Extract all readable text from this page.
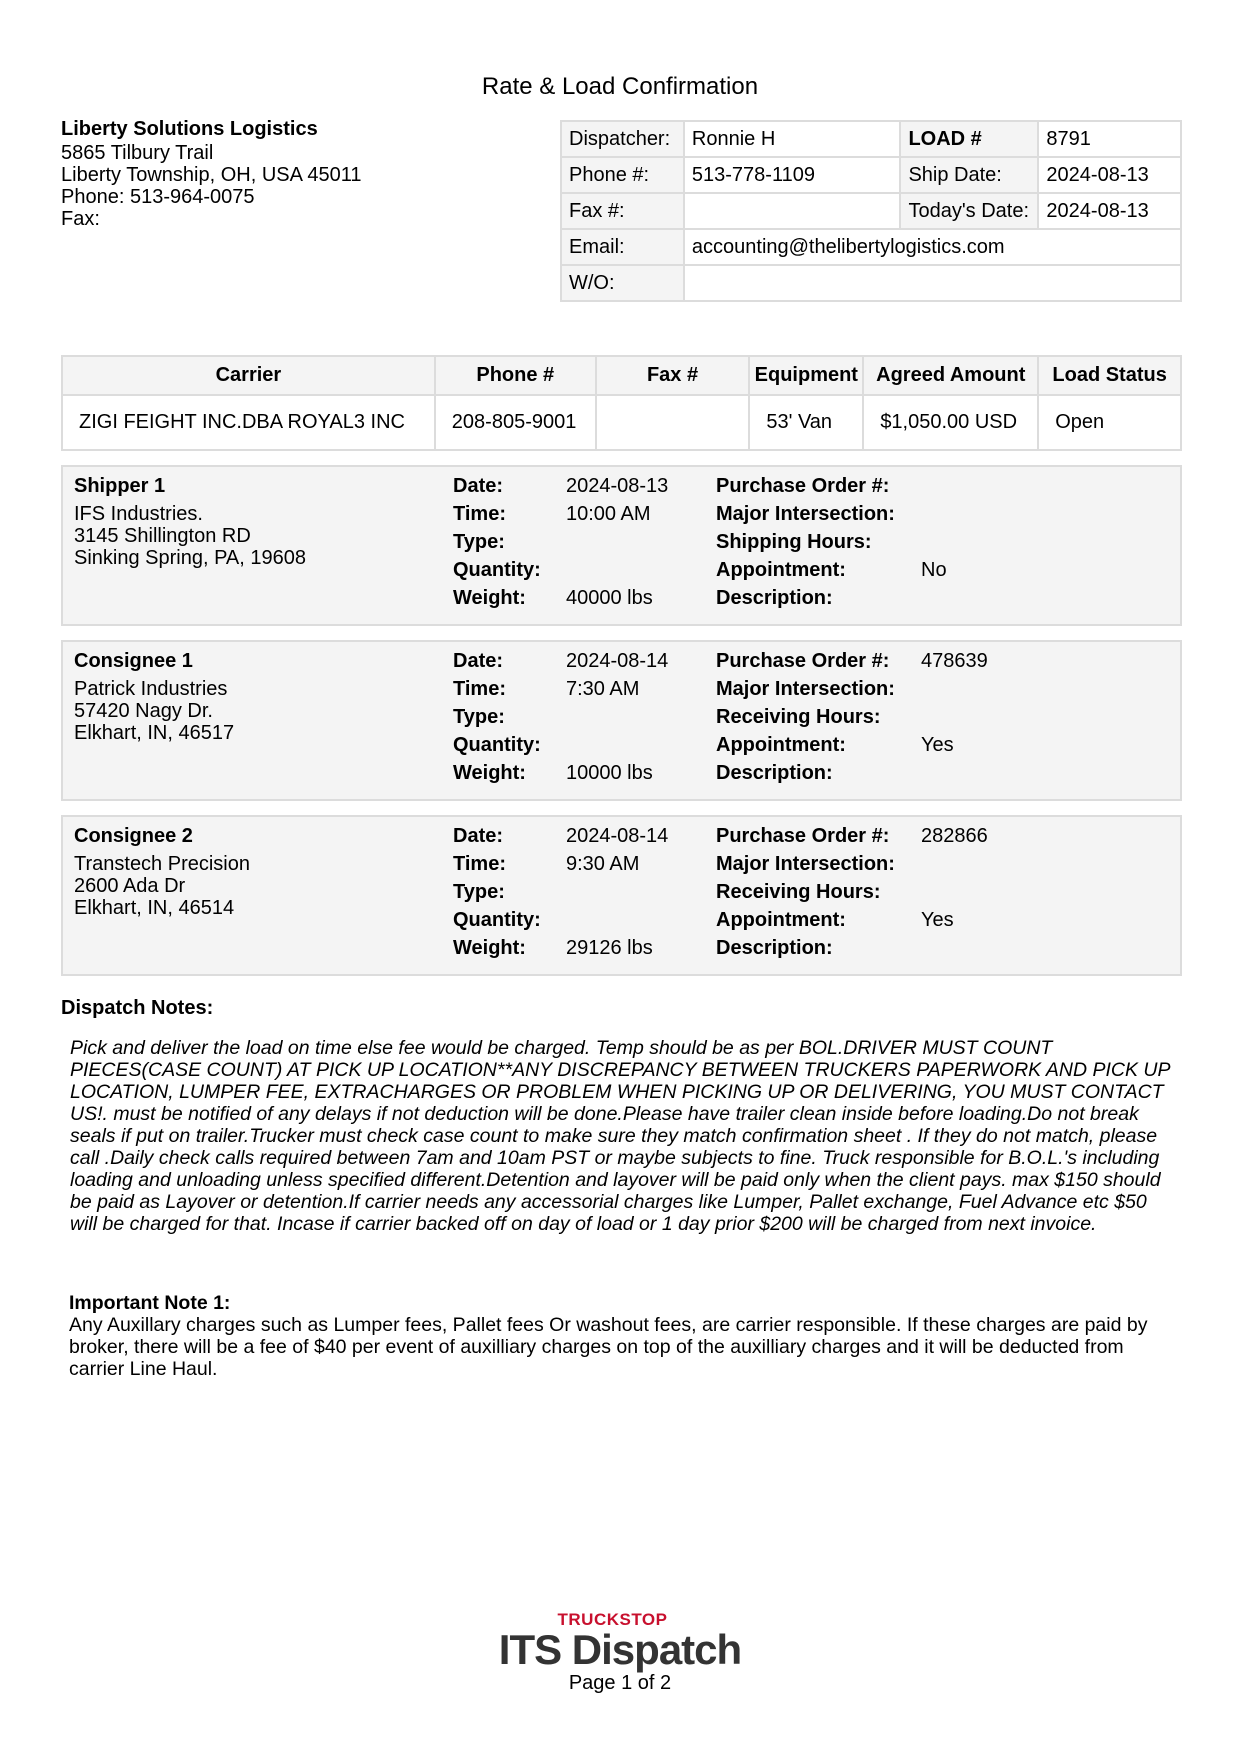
Rate & Load Confirmation
Liberty Solutions Logistics
5865 Tilbury Trail
Liberty Township, OH, USA 45011
Phone: 513-964-0075
Fax:
Dispatcher:	Ronnie H	LOAD #	8791
Phone #:	513-778-1109	Ship Date:	2024-08-13
Fax #:		Today's Date:	2024-08-13
Email:	accounting@thelibertylogistics.com		
W/O:			
Carrier	Phone #	Fax #	Equipment	Agreed Amount	Load Status
ZIGI FEIGHT INC.DBA ROYAL3 INC	208-805-9001		53' Van	$1,050.00 USD	Open
Shipper 1
IFS Industries.
3145 Shillington RD
Sinking Spring, PA, 19608
Date:	2024-08-13 Purchase Order #:
Time:	10:00 AM	Major Intersection:
Type:	Shipping Hours:
Quantity:	Appointment:	No
Weight: 40000 lbs	Description:
Consignee 1
Patrick Industries
57420 Nagy Dr.
Elkhart, IN, 46517
Date:	2024-08-14 Purchase Order #: 478639
Time:	7:30 AM	Major Intersection:
Type:	Receiving Hours:
Quantity:	Appointment:	Yes
Weight: 10000 lbs	Description:
Consignee 2
Transtech Precision
2600 Ada Dr
Elkhart, IN, 46514
Date:	2024-08-14 Purchase Order #: 282866
Time:	9:30 AM	Major Intersection:
Type:	Receiving Hours:
Quantity:	Appointment:	Yes
Weight: 29126 lbs	Description:
Dispatch Notes:
Pick and deliver the load on time else fee would be charged. Temp should be as per BOL.DRIVER MUST COUNT PIECES(CASE COUNT) AT PICK UP LOCATION**ANY DISCREPANCY BETWEEN TRUCKERS PAPERWORK AND PICK UP LOCATION, LUMPER FEE, EXTRACHARGES OR PROBLEM WHEN PICKING UP OR DELIVERING, YOU MUST CONTACT US!. must be notified of any delays if not deduction will be done.Please have trailer clean inside before loading.Do not break seals if put on trailer.Trucker must check case count to make sure they match confirmation sheet . If they do not match, please call .Daily check calls required between 7am and 10am PST or maybe subjects to fine. Truck responsible for B.O.L.'s including loading and unloading unless specified different.Detention and layover will be paid only when the client pays. max $150 should be paid as Layover or detention.If carrier needs any accessorial charges like Lumper, Pallet exchange, Fuel Advance etc $50 will be charged for that. Incase if carrier backed off on day of load or 1 day prior $200 will be charged from next invoice.
Important Note 1:
Any Auxillary charges such as Lumper fees, Pallet fees Or washout fees, are carrier responsible. If these charges are paid by broker, there will be a fee of $40 per event of auxilliary charges on top of the auxilliary charges and it will be deducted from carrier Line Haul.
TRUCKSTOP
ITS Dispatch
Page 1 of 2
